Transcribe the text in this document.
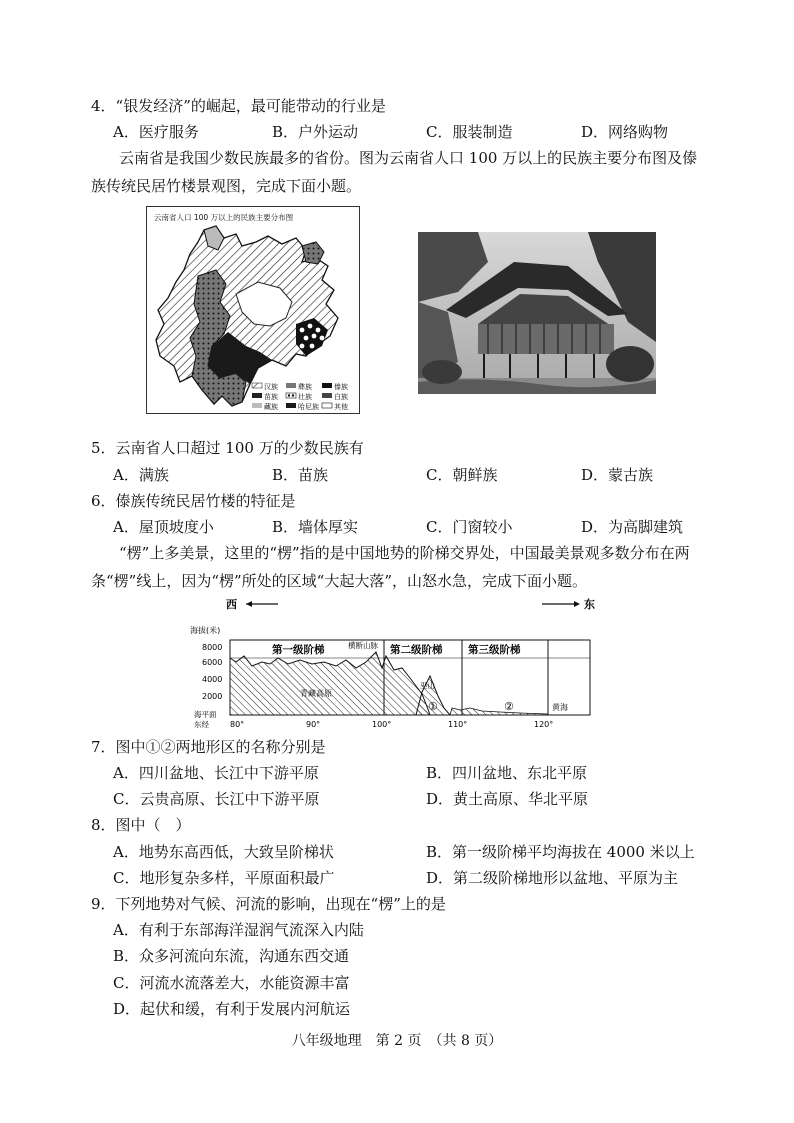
4．“银发经济”的崛起，最可能带动的行业是
A．医疗服务	B．户外运动	C．服装制造	D．网络购物
云南省是我国少数民族最多的省份。图为云南省人口 100 万以上的民族主要分布图及傣
族传统民居竹楼景观图，完成下面小题。
云南省人口 100 万以上的民族主要分布图
汉族	彝族	傣族
苗族	壮族	白族
藏族	哈尼族 其他
5．云南省人口超过 100 万的少数民族有
A．满族	B．苗族	C．朝鲜族	D．蒙古族
6．傣族传统民居竹楼的特征是
A．屋顶坡度小	B．墙体厚实	C．门窗较小	D．为高脚建筑
“楞”上多美景，这里的“楞”指的是中国地势的阶梯交界处，中国最美景观多数分布在两
条“楞”线上，因为“楞”所处的区域“大起大落”，山怒水急，完成下面小题。
西	东
海拔(米)
8000
6000
4000
2000
海平面
东经
第一级阶梯	第二级阶梯 第三级阶梯
横断山脉
青藏高原
巫山
①	②	黄海
80°	90°	100°	110°	120°
7．图中①②两地形区的名称分别是
A．四川盆地、长江中下游平原	B．四川盆地、东北平原
C．云贵高原、长江中下游平原	D．黄土高原、华北平原
8．图中（　）
A．地势东高西低，大致呈阶梯状	B．第一级阶梯平均海拔在 4000 米以上
C．地形复杂多样，平原面积最广	D．第二级阶梯地形以盆地、平原为主
9．下列地势对气候、河流的影响，出现在“楞”上的是
A．有利于东部海洋湿润气流深入内陆
B．众多河流向东流，沟通东西交通
C．河流水流落差大，水能资源丰富
D．起伏和缓，有利于发展内河航运
八年级地理　第 2 页　（共 8 页）
